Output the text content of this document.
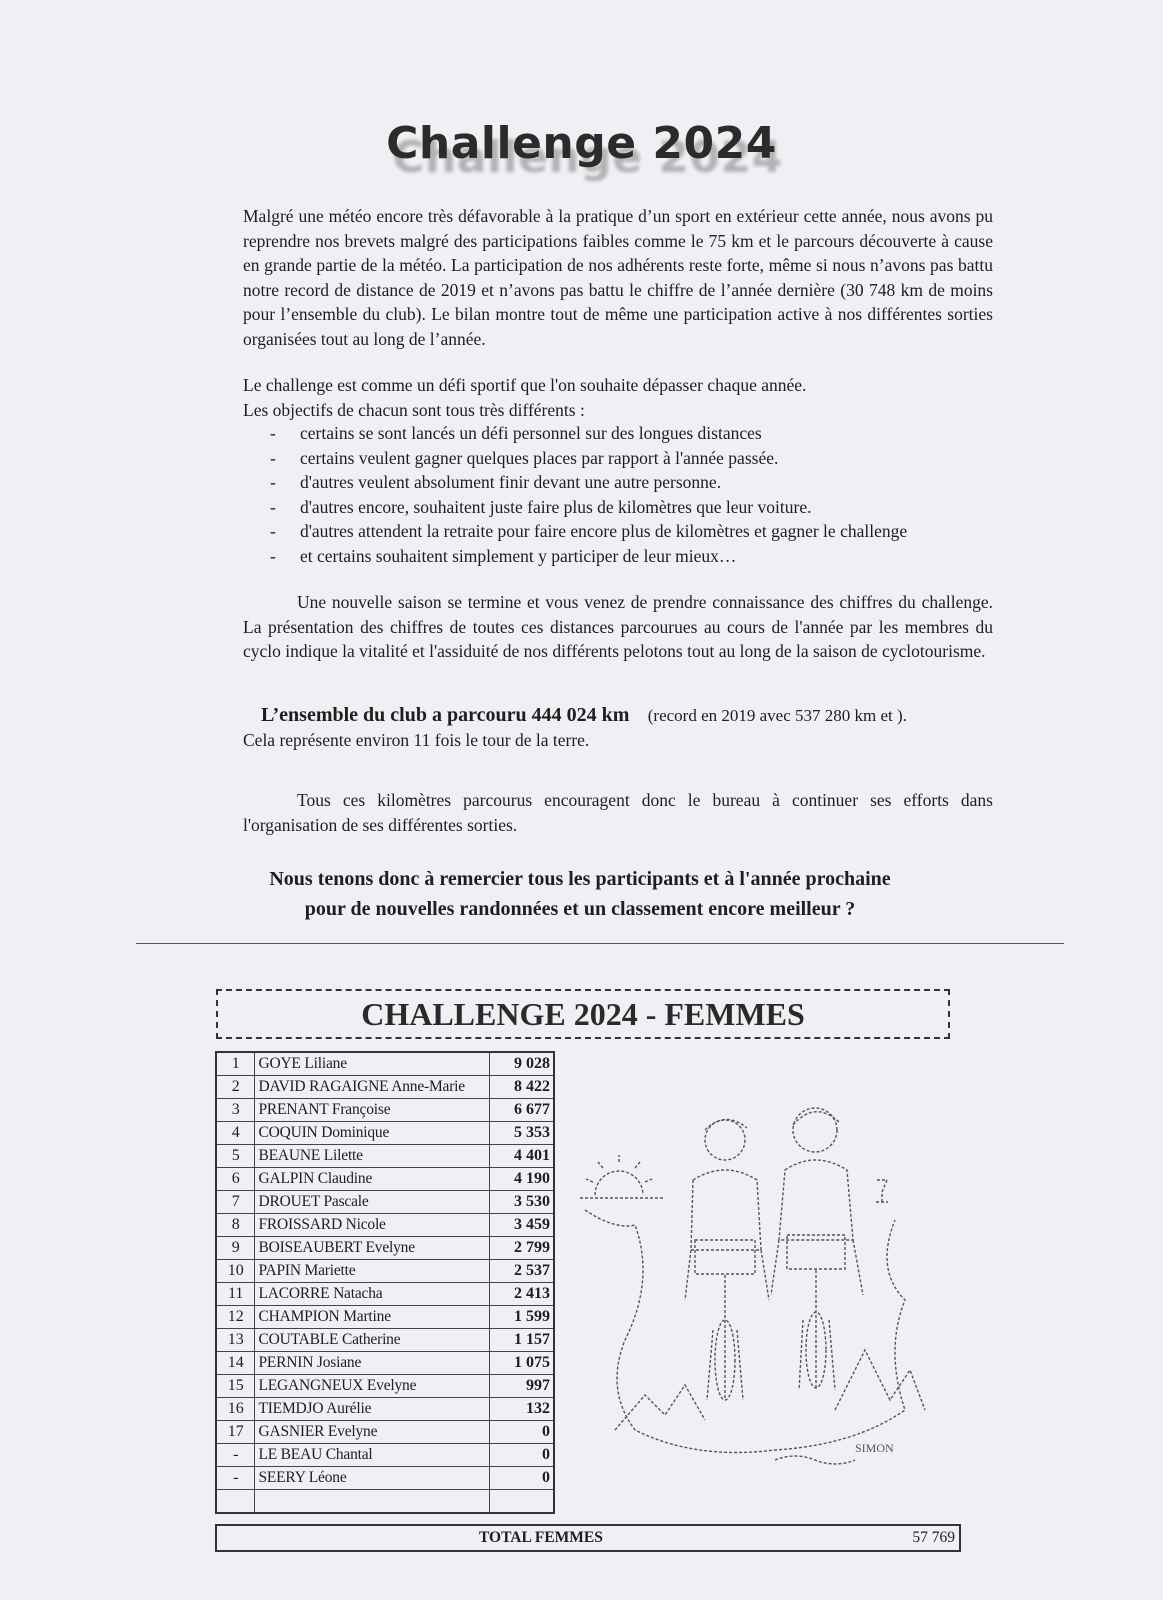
Challenge 2024

Malgré une météo encore très défavorable à la pratique d’un sport en extérieur cette année, nous avons pu reprendre nos brevets malgré des participations faibles comme le 75 km et le parcours découverte à cause en grande partie de la météo. La participation de nos adhérents reste forte, même si nous n’avons pas battu notre record de distance de 2019 et n’avons pas battu le chiffre de l’année dernière (30 748 km de moins pour l’ensemble du club). Le bilan montre tout de même une participation active à nos différentes sorties organisées tout au long de l’année.

Le challenge est comme un défi sportif que l'on souhaite dépasser chaque année.
Les objectifs de chacun sont tous très différents :
- certains se sont lancés un défi personnel sur des longues distances
- certains veulent gagner quelques places par rapport à l'année passée.
- d'autres veulent absolument finir devant une autre personne.
- d'autres encore, souhaitent juste faire plus de kilomètres que leur voiture.
- d'autres attendent la retraite pour faire encore plus de kilomètres et gagner le challenge
- et certains souhaitent simplement y participer de leur mieux…

Une nouvelle saison se termine et vous venez de prendre connaissance des chiffres du challenge. La présentation des chiffres de toutes ces distances parcourues au cours de l'année par les membres du cyclo indique la vitalité et l'assiduité de nos différents pelotons tout au long de la saison de cyclotourisme.

L’ensemble du club a parcouru 444 024 km (record en 2019 avec 537 280 km et ).
Cela représente environ 11 fois le tour de la terre.

Tous ces kilomètres parcourus encouragent donc le bureau à continuer ses efforts dans l'organisation de ses différentes sorties.

Nous tenons donc à remercier tous les participants et à l'année prochaine
pour de nouvelles randonnées et un classement encore meilleur ?
CHALLENGE 2024 - FEMMES
1	GOYE Liliane	9 028
2	DAVID RAGAIGNE Anne-Marie	8 422
3	PRENANT Françoise	6 677
4	COQUIN Dominique	5 353
5	BEAUNE Lilette	4 401
6	GALPIN Claudine	4 190
7	DROUET Pascale	3 530
8	FROISSARD Nicole	3 459
9	BOISEAUBERT Evelyne	2 799
10	PAPIN Mariette	2 537
11	LACORRE Natacha	2 413
12	CHAMPION Martine	1 599
13	COUTABLE Catherine	1 157
14	PERNIN Josiane	1 075
15	LEGANGNEUX Evelyne	997
16	TIEMDJO Aurélie	132
17	GASNIER Evelyne	0
-	LE BEAU Chantal	0
-	SEERY Léone	0

TOTAL FEMMES	57 769
SIMON
